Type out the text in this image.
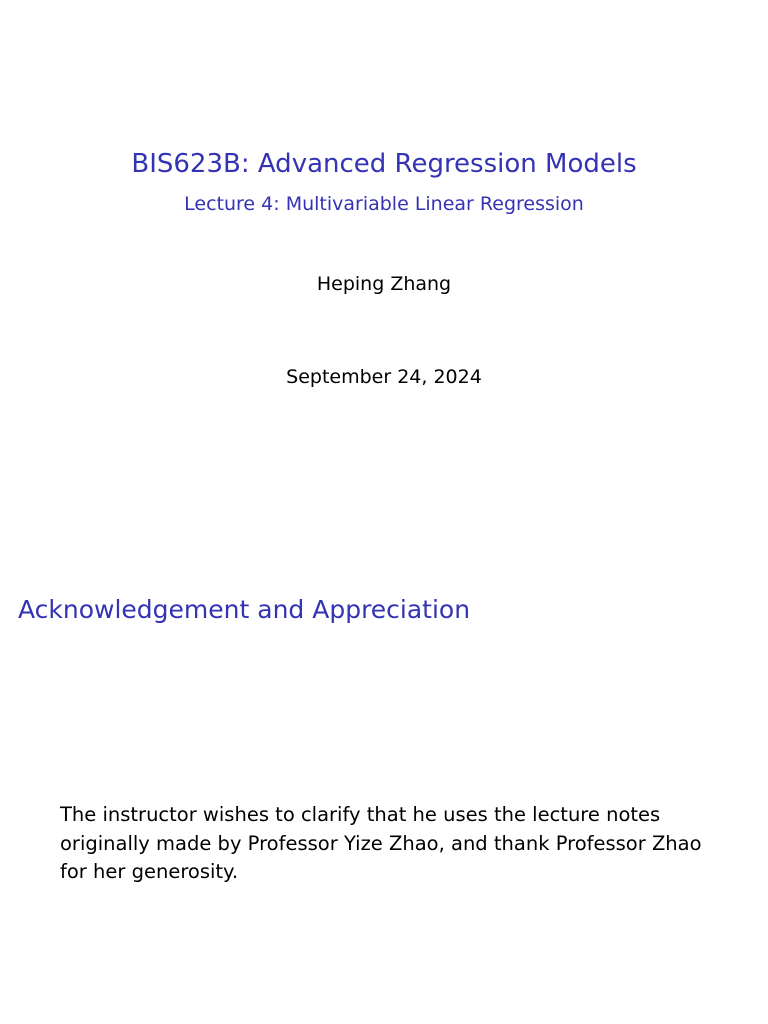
BIS623B: Advanced Regression Models
Lecture 4: Multivariable Linear Regression
Heping Zhang
September 24, 2024
Acknowledgement and Appreciation
The instructor wishes to clarify that he uses the lecture notes
originally made by Professor Yize Zhao, and thank Professor Zhao
for her generosity.
